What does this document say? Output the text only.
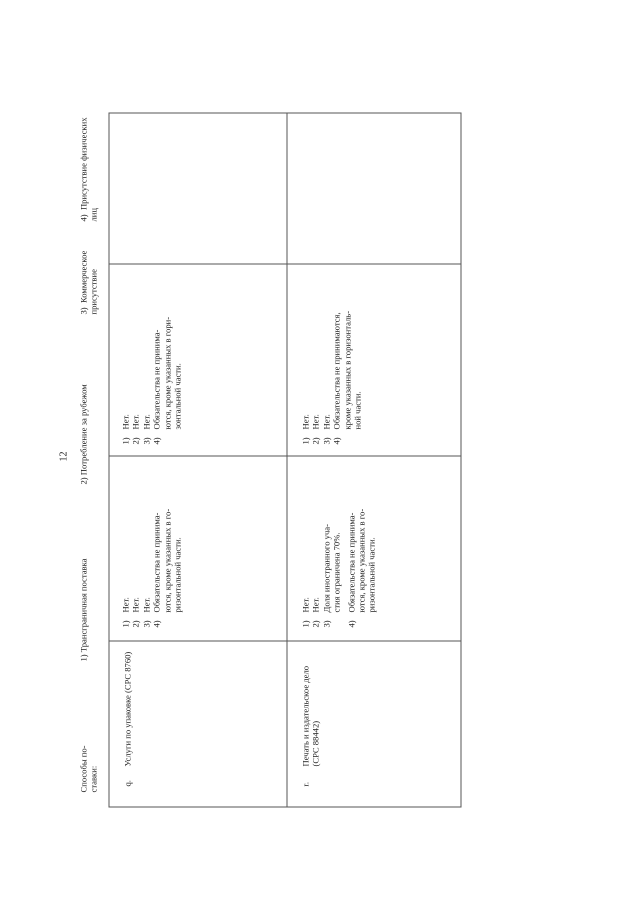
12
Способы по-
ставки:
1) Трансграничная поставка
2) Потребление за рубежом
3)  Коммерческое
присутствие
4)  Присутствие физических
лиц
q.
Услуги по упаковке (CPC 8760)
1)
Нет.
2)
Нет.
3)
Нет.
4)
Обязательства не принима-
ются, кроме указанных в го-
ризонтальной части.
1)
Нет.
2)
Нет.
3)
Нет.
4)
Обязательства не принима-
ются, кроме указанных в гори-
зонтальной части.
r.
Печать и издательское дело
(CPC 88442)
1)
Нет.
2)
Нет.
3)
Доля иностранного уча-
стия ограничена 70%.
4)
Обязательства не принима-
ются, кроме указанных в го-
ризонтальной части.
1)
Нет.
2)
Нет.
3)
Нет.
4)
Обязательства не принимаются,
кроме указанных в горизонталь-
ной части.
